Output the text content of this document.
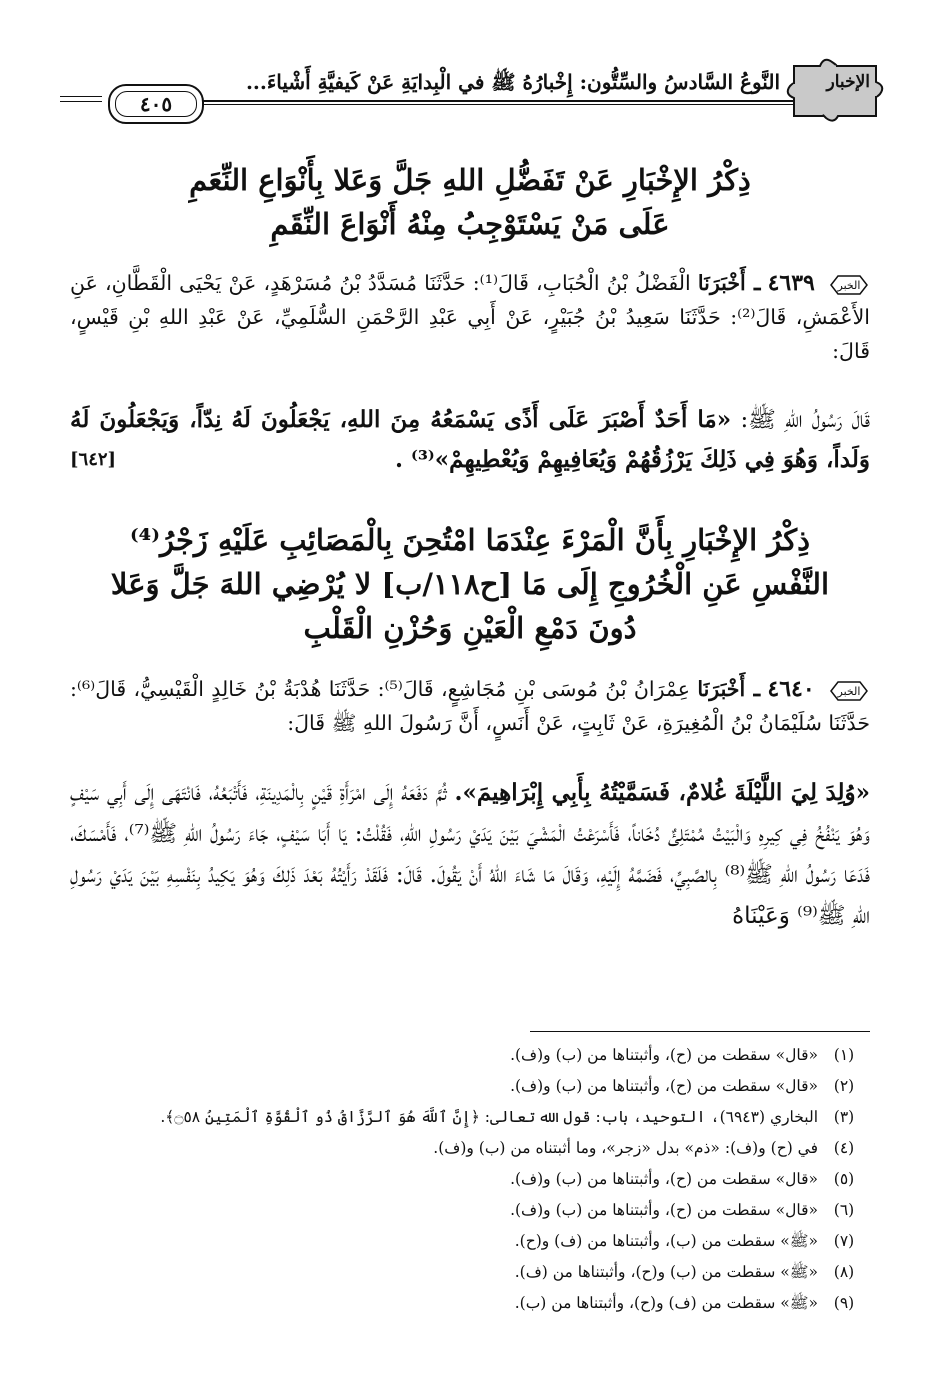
٤٠٥
النَّوعُ السَّادسُ والسِّتُّون: إِخْبارُهُ ﷺ في الْبِدايَةِ عَنْ كَيفيَّةِ أَشْياءَ...	الإخبار

ذِكْرُ الإِخْبَارِ عَنْ تَفَضُّلِ اللهِ جَلَّ وَعَلا بِأَنْوَاعِ النِّعَمِ

عَلَى مَنْ يَسْتَوْجِبُ مِنْهُ أَنْوَاعَ النِّقَمِ

الخبر
٤٦٣٩ ـ أَخْبَرَنَا الْفَضْلُ بْنُ الْحُبَابِ، قَالَ⁽¹⁾: حَدَّثَنَا مُسَدَّدُ بْنُ مُسَرْهَدٍ، عَنْ يَحْيَى الْقَطَّانِ، عَنِ الأَعْمَشِ، قَالَ⁽²⁾: حَدَّثَنَا سَعِيدُ بْنُ جُبَيْرٍ، عَنْ أَبِي عَبْدِ الرَّحْمَنِ السُّلَمِيِّ، عَنْ عَبْدِ اللهِ بْنِ قَيْسٍ، قَالَ:

قَالَ رَسُولُ اللهِ ﷺ: «مَا أَحَدٌ أَصْبَرَ عَلَى أَذًى يَسْمَعُهُ مِنَ اللهِ، يَجْعَلُونَ لَهُ نِدّاً، وَيَجْعَلُونَ لَهُ وَلَداً، وَهُوَ فِي ذَلِكَ يَرْزُقُهُمْ وَيُعَافِيهِمْ وَيُعْطِيهِمْ»⁽³⁾ .
[٦٤٢]

ذِكْرُ الإِخْبَارِ بِأَنَّ الْمَرْءَ عِنْدَمَا امْتُحِنَ بِالْمَصَائِبِ عَلَيْهِ زَجْرُ⁽⁴⁾

النَّفْسِ عَنِ الْخُرُوجِ إِلَى مَا [ح١١٨/ب] لا يُرْضِي اللهَ جَلَّ وَعَلا

دُونَ دَمْعِ الْعَيْنِ وَحُزْنِ الْقَلْبِ

الخبر
٤٦٤٠ ـ أَخْبَرَنَا عِمْرَانُ بْنُ مُوسَى بْنِ مُجَاشِعٍ، قَالَ⁽⁵⁾: حَدَّثَنَا هُدْبَةُ بْنُ خَالِدٍ الْقَيْسِيُّ، قَالَ⁽⁶⁾: حَدَّثَنَا سُلَيْمَانُ بْنُ الْمُغِيرَةِ، عَنْ ثَابِتٍ، عَنْ أَنَسٍ، أَنَّ رَسُولَ اللهِ ﷺ قَالَ:

«وُلِدَ لِيَ اللَّيْلَةَ غُلامٌ، فَسَمَّيْتُهُ بِأَبِي إِبْرَاهِيمَ». ثُمَّ دَفَعَهُ إِلَى امْرَأَةِ قَيْنٍ بِالْمَدِينَةِ، فَأَتْبَعُهُ، فَانْتَهَى إِلَى أَبِي سَيْفٍ وَهُوَ يَنْفُخُ فِي كِيرِهِ وَالْبَيْتُ مُمْتَلِئٌ دُخَاناً، فَأَسْرَعْتُ الْمَشْيَ بَيْنَ يَدَيْ رَسُولِ اللهِ، فَقُلْتُ: يَا أَبَا سَيْفٍ، جَاءَ رَسُولُ اللهِ ﷺ⁽⁷⁾، فَأَمْسَكَ، فَدَعَا رَسُولُ اللهِ ﷺ⁽⁸⁾ بِالصَّبِيِّ، فَضَمَّهُ إِلَيْهِ، وَقَالَ مَا شَاءَ اللهُ أَنْ يَقُولَ. قَالَ: فَلَقَدْ رَأَيْتُهُ بَعْدَ ذَلِكَ وَهُوَ يَكِيدُ بِنَفْسِهِ بَيْنَ يَدَيْ رَسُولِ اللهِ ﷺ⁽⁹⁾ وَعَيْنَاهُ

(١)
«قال» سقطت من (ح)، وأثبتناها من (ب) و(ف).
(٢)
«قال» سقطت من (ح)، وأثبتناها من (ب) و(ف).
(٣)
البخاري (٦٩٤٣)، التوحيد، باب: قول الله تعالى: ﴿إِنَّ ٱللَّهَ هُوَ ٱلرَّزَّاقُ ذُو ٱلْقُوَّةِ ٱلْمَتِينُ ۝٥٨﴾.
(٤)
في (ح) و(ف): «ذم» بدل «زجر»، وما أثبتناه من (ب) و(ف).
(٥)
«قال» سقطت من (ح)، وأثبتناها من (ب) و(ف).
(٦)
«قال» سقطت من (ح)، وأثبتناها من (ب) و(ف).
(٧)
«ﷺ» سقطت من (ب)، وأثبتناها من (ف) و(ح).
(٨)
«ﷺ» سقطت من (ب) و(ح)، وأثبتناها من (ف).
(٩)
«ﷺ» سقطت من (ف) و(ح)، وأثبتناها من (ب).
